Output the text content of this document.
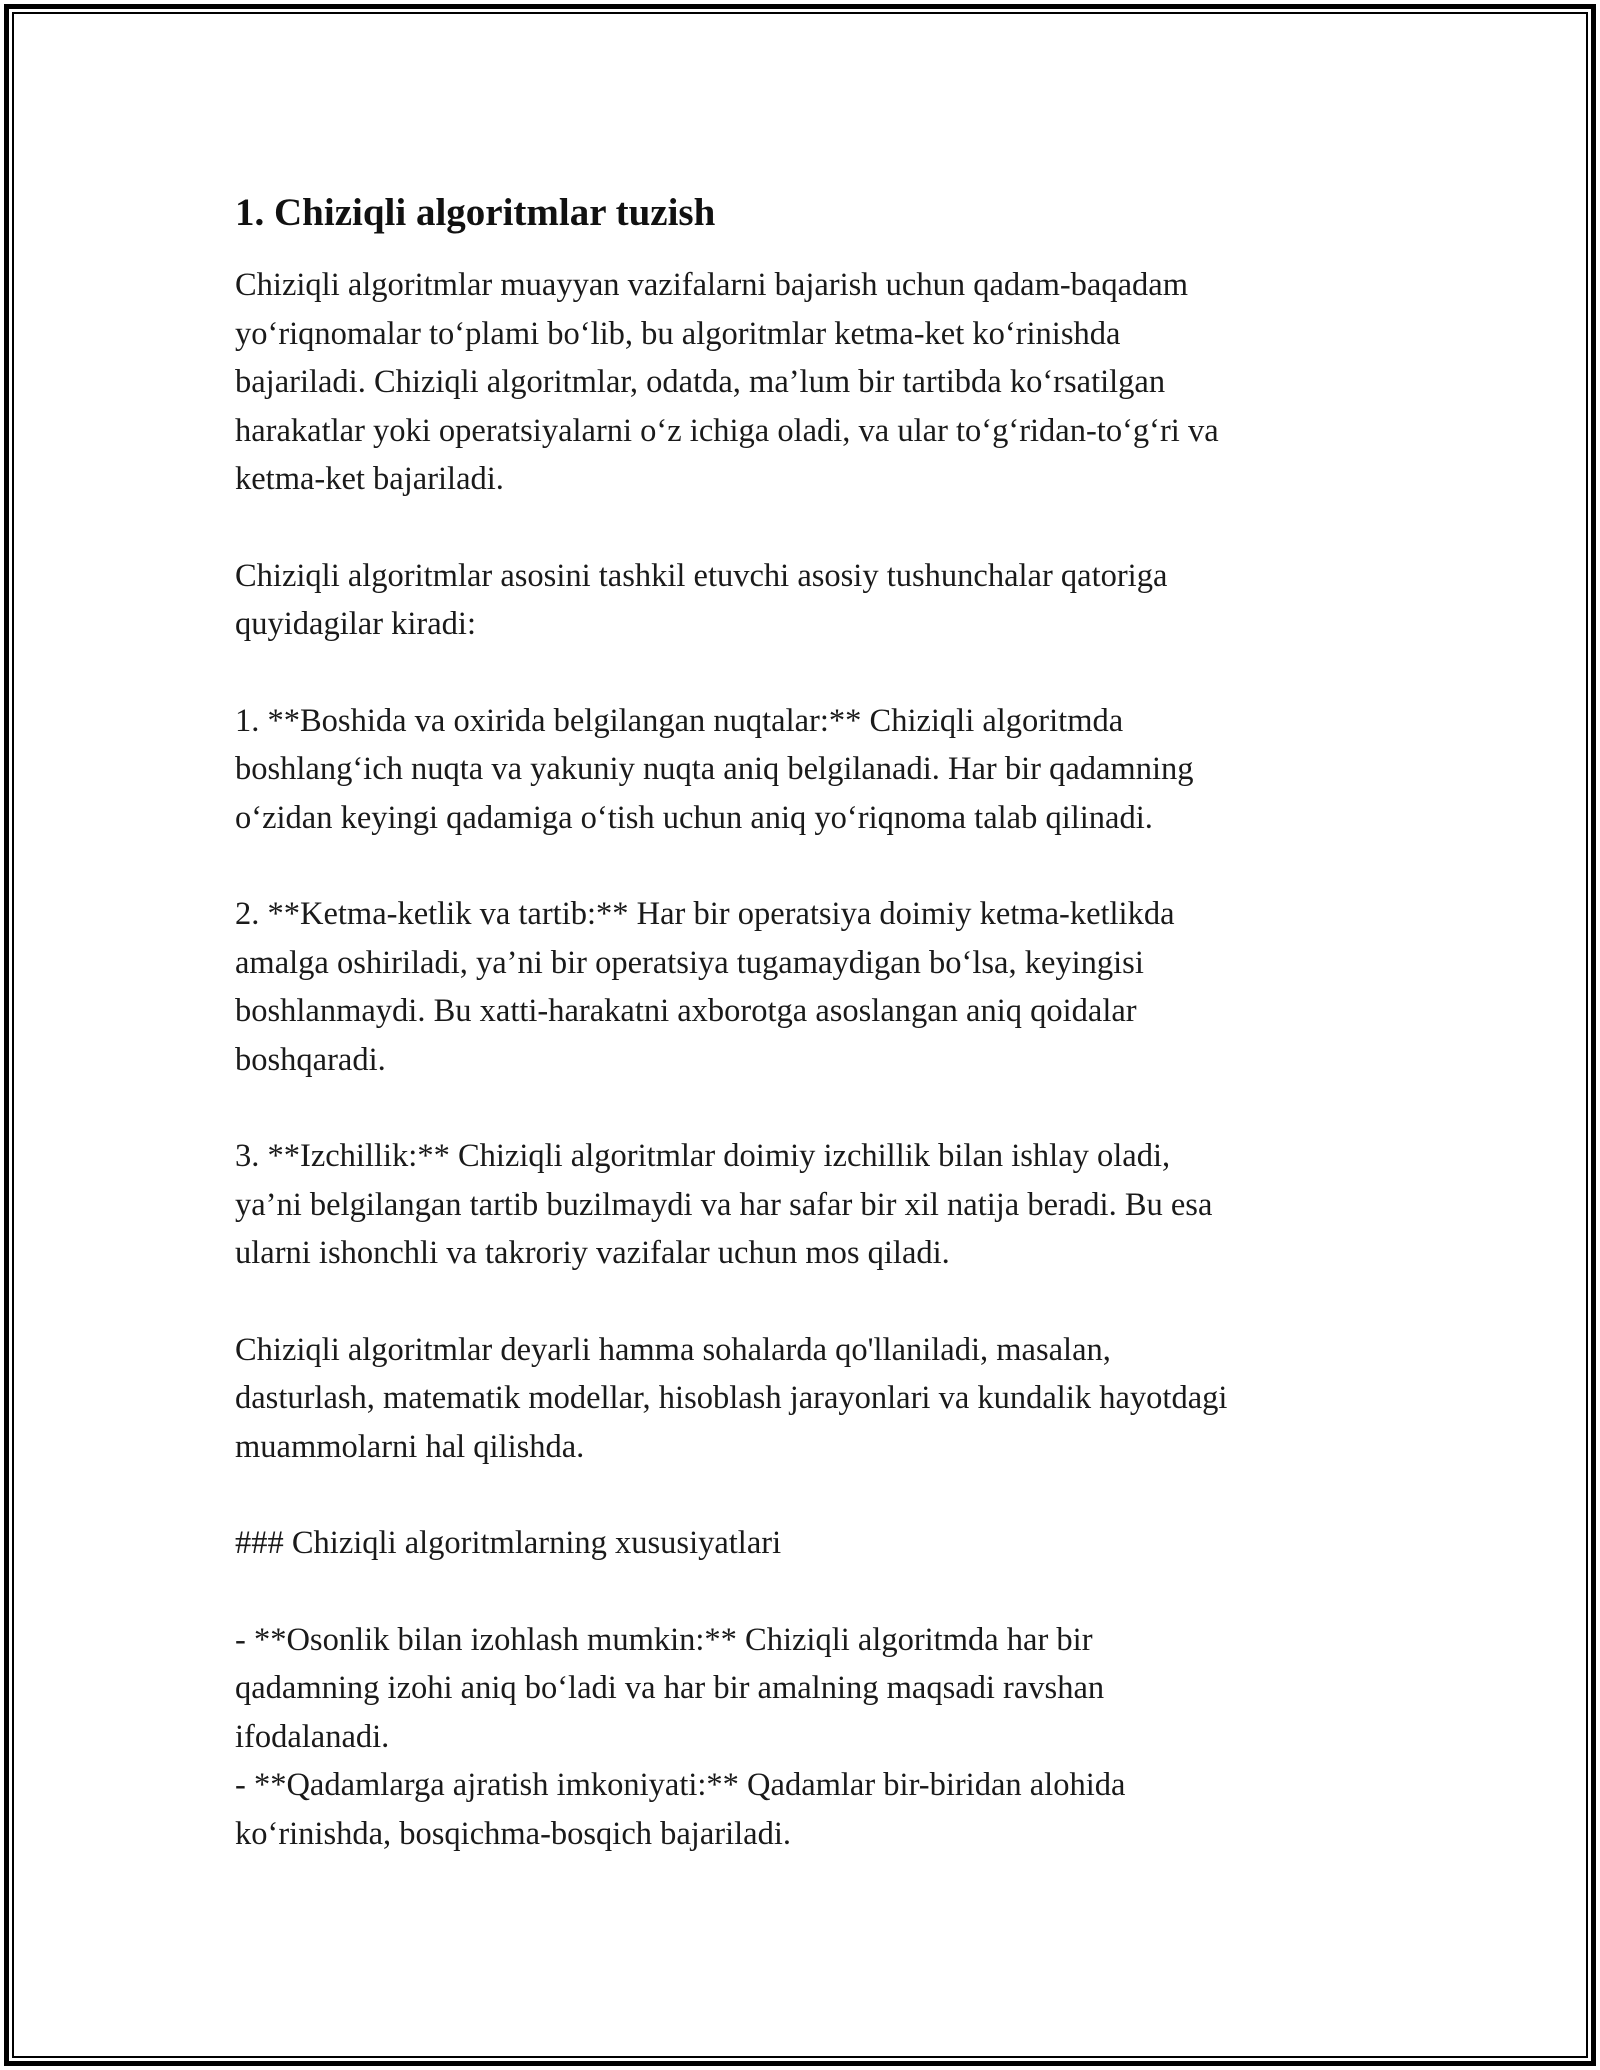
1. Chiziqli algoritmlar tuzish

Chiziqli algoritmlar muayyan vazifalarni bajarish uchun qadam-baqadam
yo‘riqnomalar to‘plami bo‘lib, bu algoritmlar ketma-ket ko‘rinishda
bajariladi. Chiziqli algoritmlar, odatda, ma’lum bir tartibda ko‘rsatilgan
harakatlar yoki operatsiyalarni o‘z ichiga oladi, va ular to‘g‘ridan-to‘g‘ri va
ketma-ket bajariladi.

Chiziqli algoritmlar asosini tashkil etuvchi asosiy tushunchalar qatoriga
quyidagilar kiradi:

1. **Boshida va oxirida belgilangan nuqtalar:** Chiziqli algoritmda
boshlang‘ich nuqta va yakuniy nuqta aniq belgilanadi. Har bir qadamning
o‘zidan keyingi qadamiga o‘tish uchun aniq yo‘riqnoma talab qilinadi.

2. **Ketma-ketlik va tartib:** Har bir operatsiya doimiy ketma-ketlikda
amalga oshiriladi, ya’ni bir operatsiya tugamaydigan bo‘lsa, keyingisi
boshlanmaydi. Bu xatti-harakatni axborotga asoslangan aniq qoidalar
boshqaradi.

3. **Izchillik:** Chiziqli algoritmlar doimiy izchillik bilan ishlay oladi,
ya’ni belgilangan tartib buzilmaydi va har safar bir xil natija beradi. Bu esa
ularni ishonchli va takroriy vazifalar uchun mos qiladi.

Chiziqli algoritmlar deyarli hamma sohalarda qo'llaniladi, masalan,
dasturlash, matematik modellar, hisoblash jarayonlari va kundalik hayotdagi
muammolarni hal qilishda.

### Chiziqli algoritmlarning xususiyatlari

- **Osonlik bilan izohlash mumkin:** Chiziqli algoritmda har bir
qadamning izohi aniq bo‘ladi va har bir amalning maqsadi ravshan
ifodalanadi.

- **Qadamlarga ajratish imkoniyati:** Qadamlar bir-biridan alohida
ko‘rinishda, bosqichma-bosqich bajariladi.
